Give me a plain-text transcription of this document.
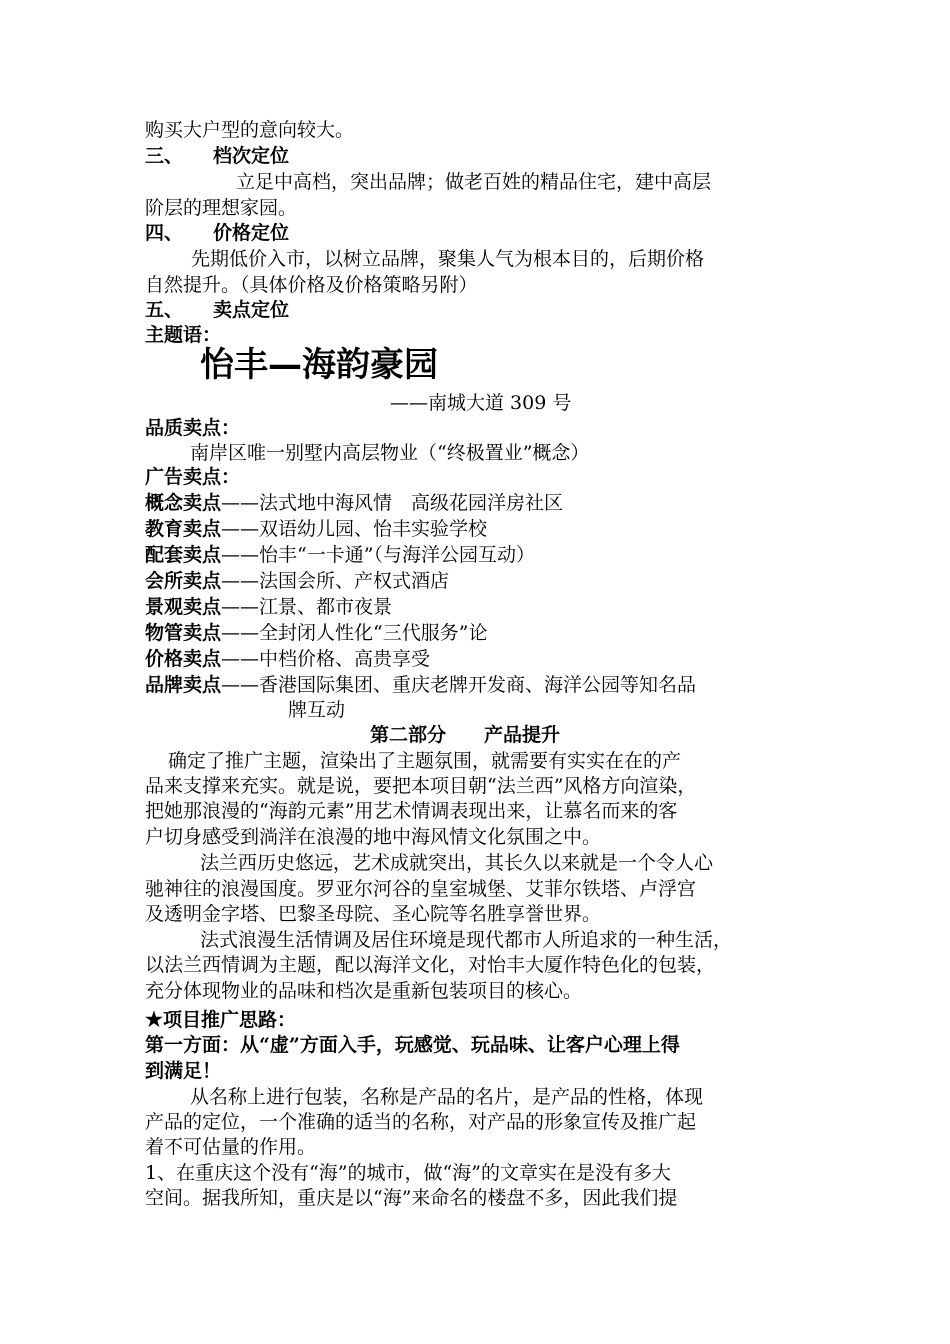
购买大户型的意向较大。
三、 档次定位
立足中高档，突出品牌；做老百姓的精品住宅，建中高层
阶层的理想家园。
四、 价格定位
先期低价入市，以树立品牌，聚集人气为根本目的，后期价格
自然提升。（具体价格及价格策略另附）
五、 卖点定位
主题语：
怡丰—海韵豪园
——南城大道 309 号
品质卖点：
南岸区唯一别墅内高层物业（“终极置业”概念）
广告卖点：
概念卖点——法式地中海风情　高级花园洋房社区
教育卖点——双语幼儿园、怡丰实验学校
配套卖点——怡丰“一卡通”（与海洋公园互动）
会所卖点——法国会所、产权式酒店
景观卖点——江景、都市夜景
物管卖点——全封闭人性化“三代服务”论
价格卖点——中档价格、高贵享受
品牌卖点——香港国际集团、重庆老牌开发商、海洋公园等知名品
牌互动
第二部分　　产品提升
确定了推广主题，渲染出了主题氛围，就需要有实实在在的产
品来支撑来充实。就是说，要把本项目朝“法兰西”风格方向渲染，
把她那浪漫的“海韵元素”用艺术情调表现出来，让慕名而来的客
户切身感受到淌洋在浪漫的地中海风情文化氛围之中。
法兰西历史悠远，艺术成就突出，其长久以来就是一个令人心
驰神往的浪漫国度。罗亚尔河谷的皇室城堡、艾菲尔铁塔、卢浮宫
及透明金字塔、巴黎圣母院、圣心院等名胜享誉世界。
法式浪漫生活情调及居住环境是现代都市人所追求的一种生活，
以法兰西情调为主题，配以海洋文化，对怡丰大厦作特色化的包装，
充分体现物业的品味和档次是重新包装项目的核心。
★项目推广思路：
第一方面：从“虚”方面入手，玩感觉、玩品味、让客户心理上得
到满足！
从名称上进行包装，名称是产品的名片，是产品的性格，体现
产品的定位，一个准确的适当的名称，对产品的形象宣传及推广起
着不可估量的作用。
1、在重庆这个没有“海”的城市，做“海”的文章实在是没有多大
空间。据我所知，重庆是以“海”来命名的楼盘不多，因此我们提
